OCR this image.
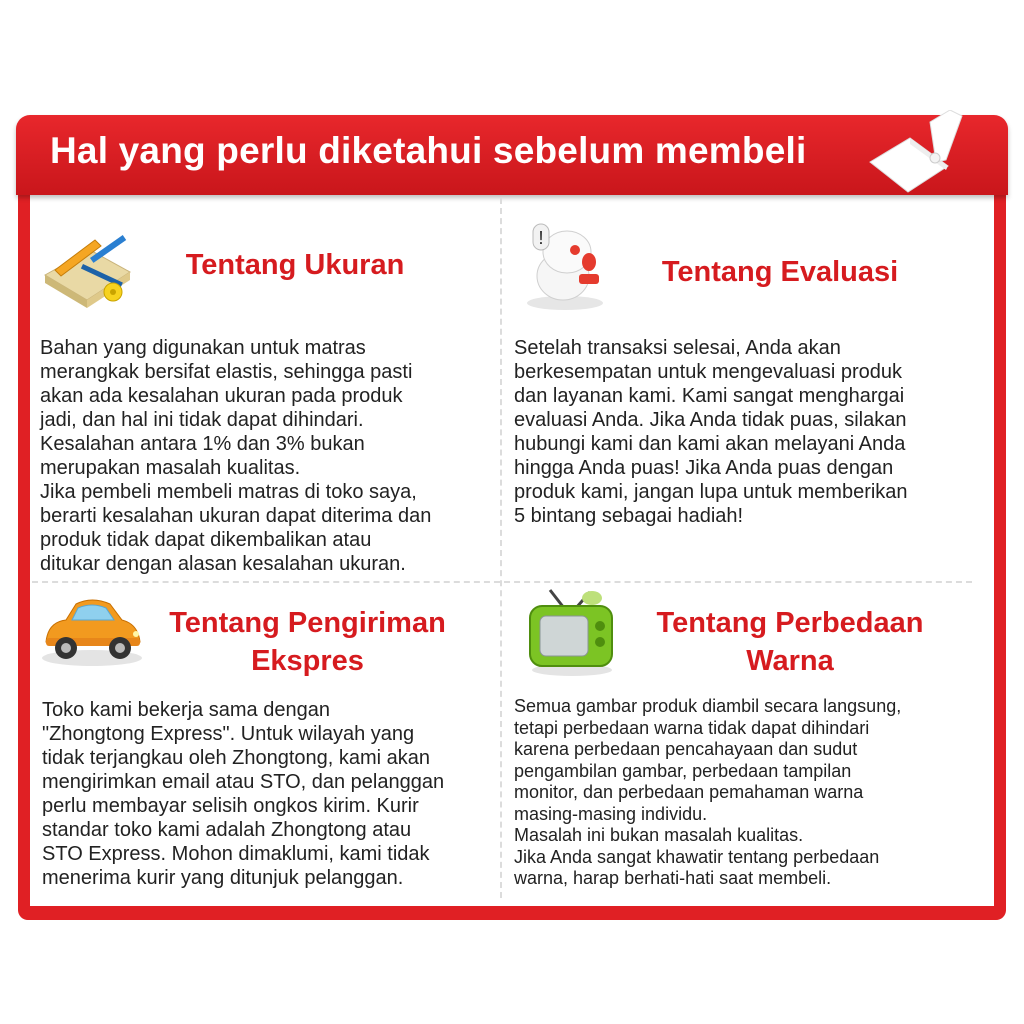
Hal yang perlu diketahui sebelum membeli
Tentang Ukuran

Bahan yang digunakan untuk matras

merangkak bersifat elastis, sehingga pasti

akan ada kesalahan ukuran pada produk

jadi, dan hal ini tidak dapat dihindari.

Kesalahan antara 1% dan 3% bukan

merupakan masalah kualitas.

Jika pembeli membeli matras di toko saya,

berarti kesalahan ukuran dapat diterima dan

produk tidak dapat dikembalikan atau

ditukar dengan alasan kesalahan ukuran.

!
Tentang Evaluasi

Setelah transaksi selesai, Anda akan

berkesempatan untuk mengevaluasi produk

dan layanan kami. Kami sangat menghargai

evaluasi Anda. Jika Anda tidak puas, silakan

hubungi kami dan kami akan melayani Anda

hingga Anda puas! Jika Anda puas dengan

produk kami, jangan lupa untuk memberikan

5 bintang sebagai hadiah!

Tentang Pengiriman
Ekspres

Toko kami bekerja sama dengan

"Zhongtong Express". Untuk wilayah yang

tidak terjangkau oleh Zhongtong, kami akan

mengirimkan email atau STO, dan pelanggan

perlu membayar selisih ongkos kirim. Kurir

standar toko kami adalah Zhongtong atau

STO Express. Mohon dimaklumi, kami tidak

menerima kurir yang ditunjuk pelanggan.

Tentang Perbedaan
Warna

Semua gambar produk diambil secara langsung,

tetapi perbedaan warna tidak dapat dihindari

karena perbedaan pencahayaan dan sudut

pengambilan gambar, perbedaan tampilan

monitor, dan perbedaan pemahaman warna

masing-masing individu.

Masalah ini bukan masalah kualitas.

Jika Anda sangat khawatir tentang perbedaan

warna, harap berhati-hati saat membeli.
